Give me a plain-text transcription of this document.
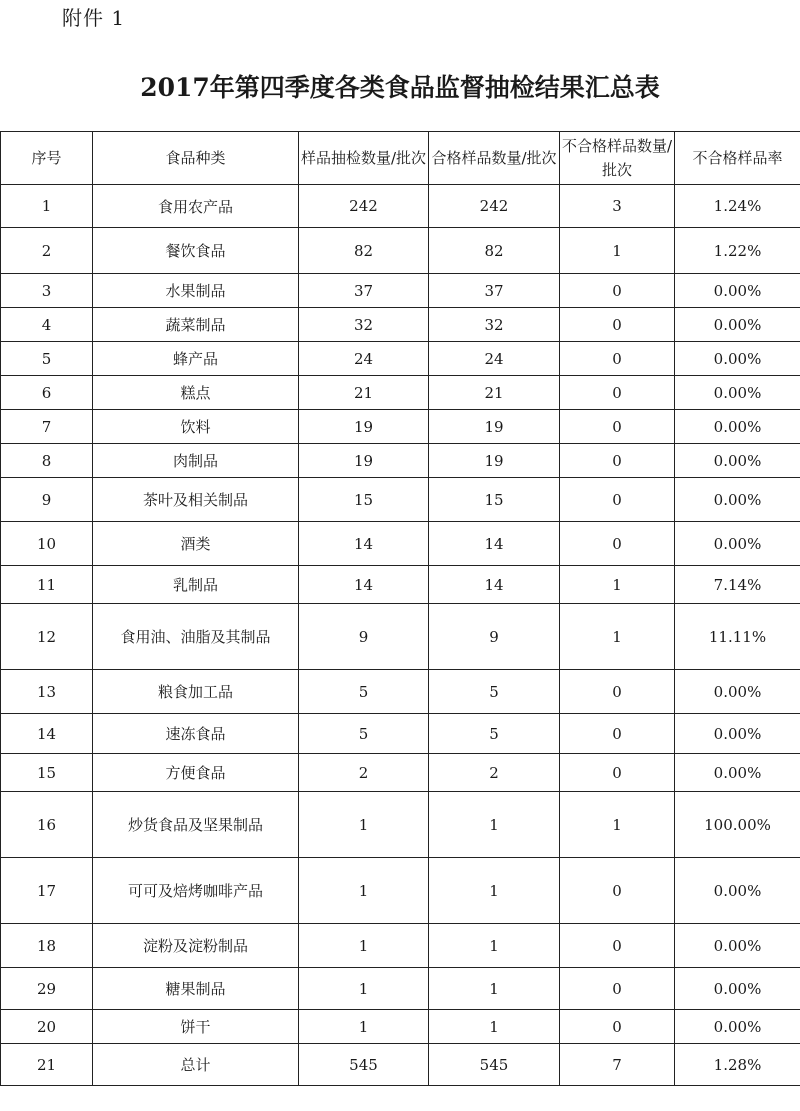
附件 1
2017年第四季度各类食品监督抽检结果汇总表
序号	食品种类	样品抽检数量/批次	合格样品数量/批次	不合格样品数量/批次	不合格样品率
1	食用农产品	242	242	3	1.24%
2	餐饮食品	82	82	1	1.22%
3	水果制品	37	37	0	0.00%
4	蔬菜制品	32	32	0	0.00%
5	蜂产品	24	24	0	0.00%
6	糕点	21	21	0	0.00%
7	饮料	19	19	0	0.00%
8	肉制品	19	19	0	0.00%
9	茶叶及相关制品	15	15	0	0.00%
10	酒类	14	14	0	0.00%
11	乳制品	14	14	1	7.14%
12	食用油、油脂及其制品	9	9	1	11.11%
13	粮食加工品	5	5	0	0.00%
14	速冻食品	5	5	0	0.00%
15	方便食品	2	2	0	0.00%
16	炒货食品及坚果制品	1	1	1	100.00%
17	可可及焙烤咖啡产品	1	1	0	0.00%
18	淀粉及淀粉制品	1	1	0	0.00%
29	糖果制品	1	1	0	0.00%
20	饼干	1	1	0	0.00%
21	总计	545	545	7	1.28%
